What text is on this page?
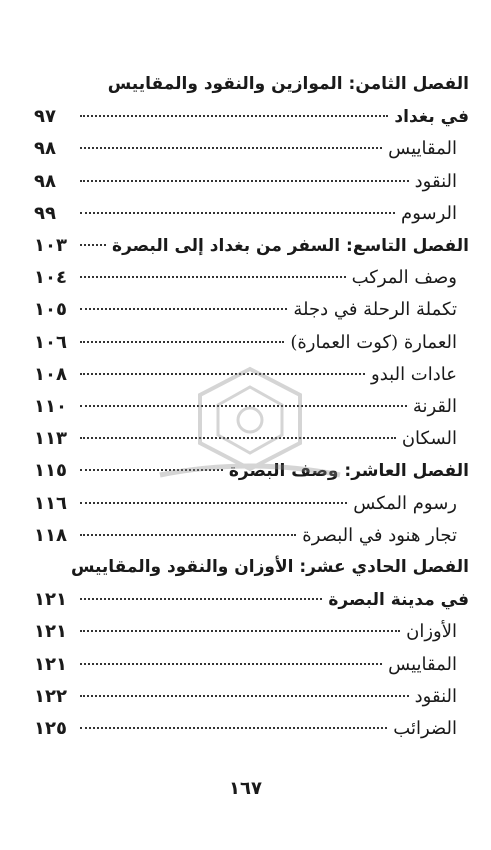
الفصل الثامن: الموازين والنقود والمقاييس
في بغداد
٩٧
المقاييس
٩٨
النقود
٩٨
الرسوم
٩٩
الفصل التاسع: السفر من بغداد إلى البصرة
١٠٣
وصف المركب
١٠٤
تكملة الرحلة في دجلة
١٠٥
العمارة (كوت العمارة)
١٠٦
عادات البدو
١٠٨
القرنة
١١٠
السكان
١١٣
الفصل العاشر: وصف البصرة
١١٥
رسوم المكس
١١٦
تجار هنود في البصرة
١١٨
الفصل الحادي عشر: الأوزان والنقود والمقاييس
في مدينة البصرة
١٢١
الأوزان
١٢١
المقاييس
١٢١
النقود
١٢٢
الضرائب
١٢٥
١٦٧
